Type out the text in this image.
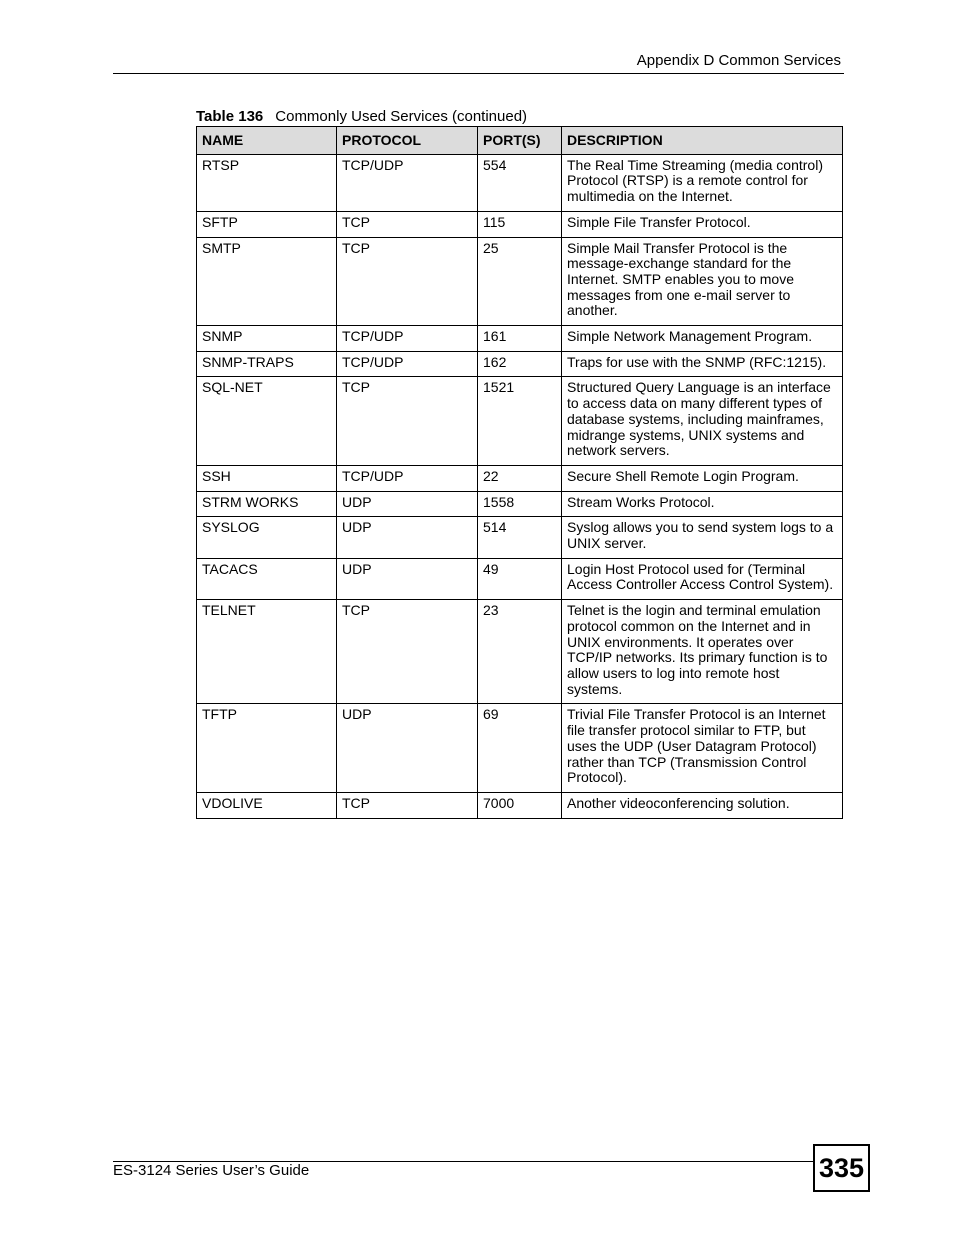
Appendix D Common Services
Table 136 Commonly Used Services (continued)
NAME	PROTOCOL	PORT(S)	DESCRIPTION
RTSP	TCP/UDP	554	The Real Time Streaming (media control) Protocol (RTSP) is a remote control for multimedia on the Internet.
SFTP	TCP	115	Simple File Transfer Protocol.
SMTP	TCP	25	Simple Mail Transfer Protocol is the message-exchange standard for the Internet. SMTP enables you to move messages from one e-mail server to another.
SNMP	TCP/UDP	161	Simple Network Management Program.
SNMP-TRAPS	TCP/UDP	162	Traps for use with the SNMP (RFC:1215).
SQL-NET	TCP	1521	Structured Query Language is an interface to access data on many different types of database systems, including mainframes, midrange systems, UNIX systems and network servers.
SSH	TCP/UDP	22	Secure Shell Remote Login Program.
STRM WORKS	UDP	1558	Stream Works Protocol.
SYSLOG	UDP	514	Syslog allows you to send system logs to a UNIX server.
TACACS	UDP	49	Login Host Protocol used for (Terminal Access Controller Access Control System).
TELNET	TCP	23	Telnet is the login and terminal emulation protocol common on the Internet and in UNIX environments. It operates over TCP/IP networks. Its primary function is to allow users to log into remote host systems.
TFTP	UDP	69	Trivial File Transfer Protocol is an Internet file transfer protocol similar to FTP, but uses the UDP (User Datagram Protocol) rather than TCP (Transmission Control Protocol).
VDOLIVE	TCP	7000	Another videoconferencing solution.
ES-3124 Series User’s Guide	335
